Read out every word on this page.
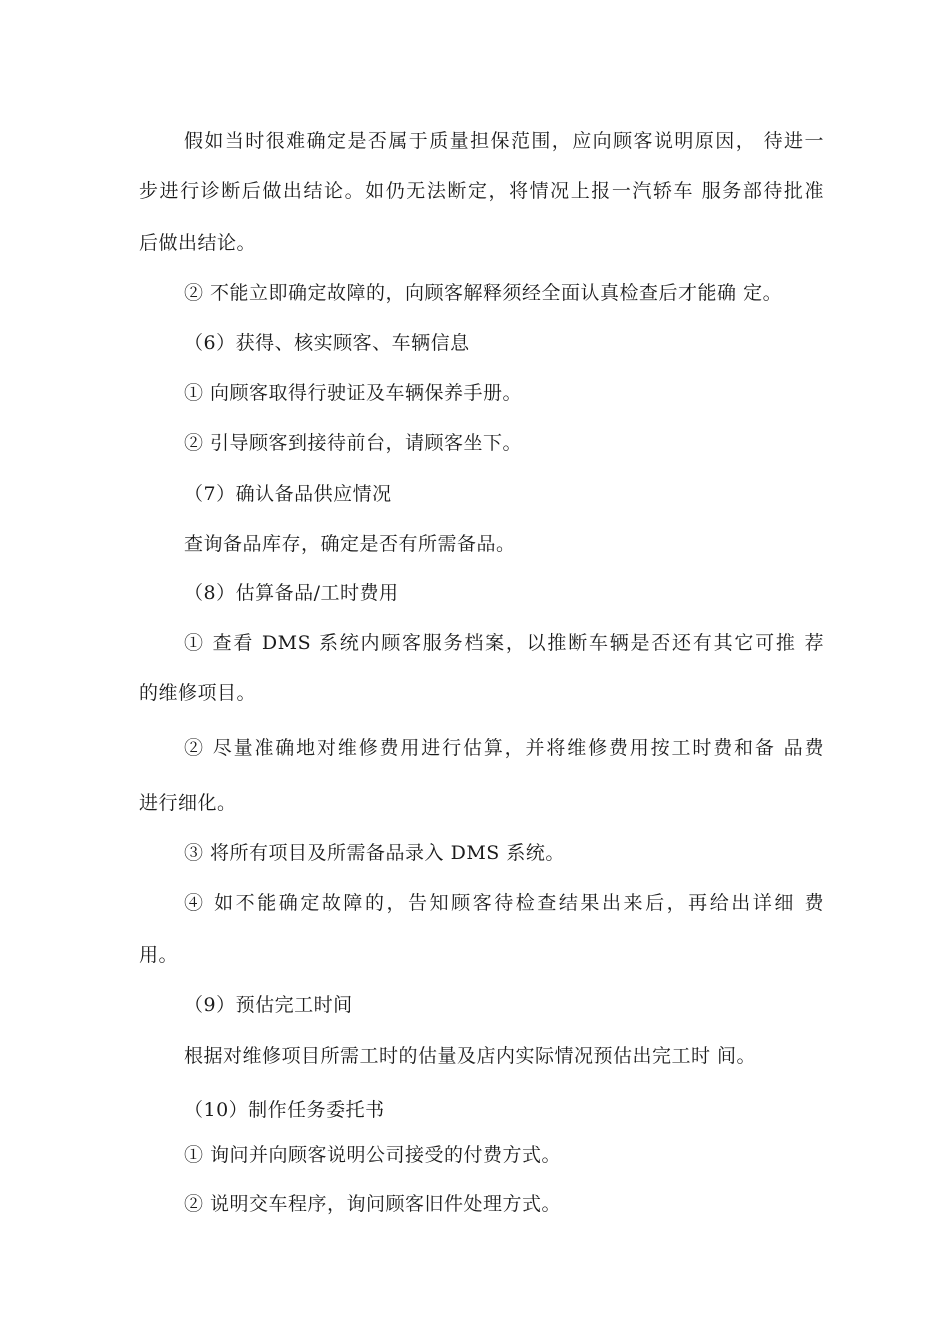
假如当时很难确定是否属于质量担保范围，应向顾客说明原因， 待进一
步进行诊断后做出结论。如仍无法断定，将情况上报一汽轿车 服务部待批准
后做出结论。
② 不能立即确定故障的，向顾客解释须经全面认真检查后才能确 定。
（6）获得、核实顾客、车辆信息
① 向顾客取得行驶证及车辆保养手册。
② 引导顾客到接待前台，请顾客坐下。
（7）确认备品供应情况
查询备品库存，确定是否有所需备品。
（8）估算备品/工时费用
① 查看 DMS 系统内顾客服务档案，以推断车辆是否还有其它可推 荐
的维修项目。
② 尽量准确地对维修费用进行估算，并将维修费用按工时费和备 品费
进行细化。
③ 将所有项目及所需备品录入 DMS 系统。
④ 如不能确定故障的，告知顾客待检查结果出来后，再给出详细 费
用。
（9）预估完工时间
根据对维修项目所需工时的估量及店内实际情况预估出完工时 间。
（10）制作任务委托书
① 询问并向顾客说明公司接受的付费方式。
② 说明交车程序，询问顾客旧件处理方式。
